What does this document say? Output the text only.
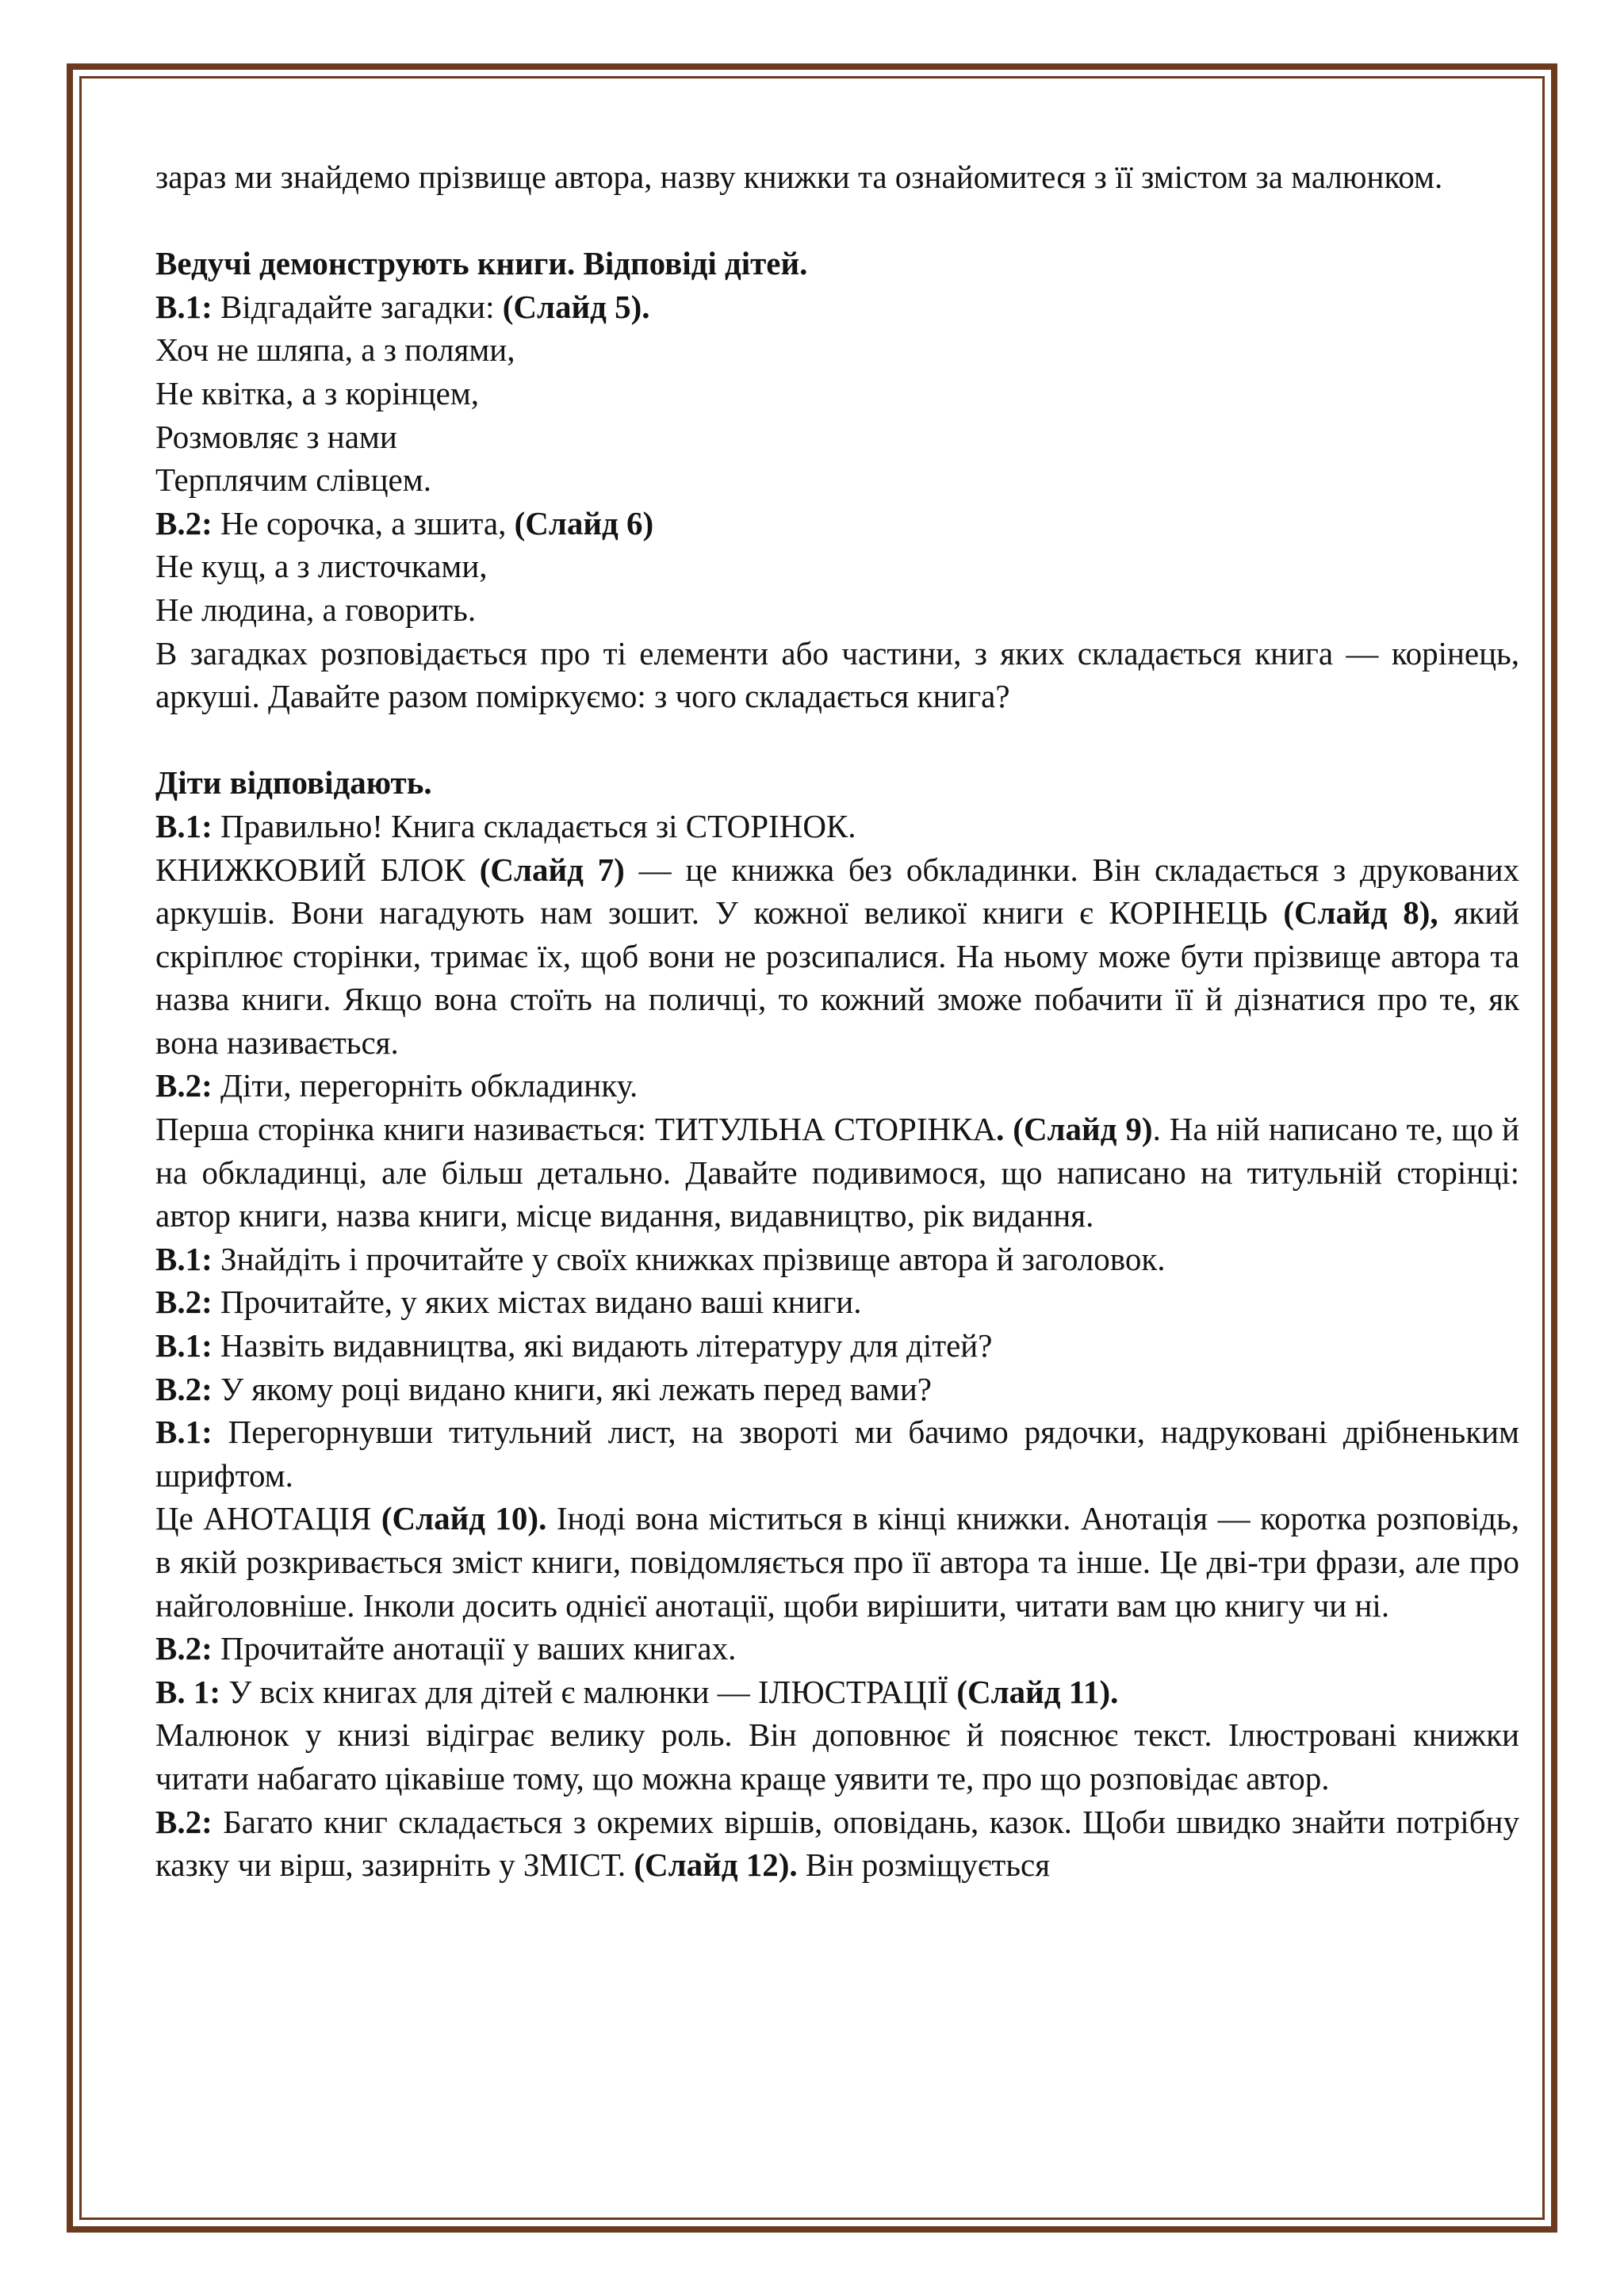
зараз ми знайдемо прізвище автора, назву книжки та ознайомитеся з її змістом за малюнком.

Ведучі демонструють книги. Відповіді дітей.

В.1: Відгадайте загадки: (Слайд 5).

Хоч не шляпа, а з полями,

Не квітка, а з корінцем,

Розмовляє з нами

Терплячим слівцем.

В.2: Не сорочка, а зшита, (Слайд 6)

Не кущ, а з листочками,

Не людина, а говорить.

В загадках розповідається про ті елементи або частини, з яких складається книга — корінець, аркуші. Давайте разом поміркуємо: з чого складається книга?

Діти відповідають.

В.1: Правильно! Книга складається зі СТОРІНОК.

КНИЖКОВИЙ БЛОК (Слайд 7) — це книжка без обкладинки. Він складається з друкованих аркушів. Вони нагадують нам зошит. У кожної великої книги є КОРІНЕЦЬ (Слайд 8), який скріплює сторінки, тримає їх, щоб вони не розсипалися. На ньому може бути прізвище автора та назва книги. Якщо вона стоїть на поличці, то кожний зможе побачити її й дізнатися про те, як вона називається.

В.2: Діти, перегорніть обкладинку.

Перша сторінка книги називається: ТИТУЛЬНА СТОРІНКА. (Слайд 9). На ній написано те, що й на обкладинці, але більш детально. Давайте подивимося, що написано на титульній сторінці: автор книги, назва книги, місце видання, видавництво, рік видання.

В.1: Знайдіть і прочитайте у своїх книжках прізвище автора й заголовок.

В.2: Прочитайте, у яких містах видано ваші книги.

В.1: Назвіть видавництва, які видають літературу для дітей?

В.2: У якому році видано книги, які лежать перед вами?

В.1: Перегорнувши титульний лист, на звороті ми бачимо рядочки, надруковані дрібненьким шрифтом.

Це АНОТАЦІЯ (Слайд 10). Іноді вона міститься в кінці книжки. Анотація — коротка розповідь, в якій розкривається зміст книги, повідомляється про її автора та інше. Це дві-три фрази, але про найголовніше. Інколи досить однієї анотації, щоби вирішити, читати вам цю книгу чи ні.

В.2: Прочитайте анотації у ваших книгах.

В. 1: У всіх книгах для дітей є малюнки — ІЛЮСТРАЦІЇ (Слайд 11).

Малюнок у книзі відіграє велику роль. Він доповнює й пояснює текст. Ілюстровані книжки читати набагато цікавіше тому, що можна краще уявити те, про що розповідає автор.

В.2: Багато книг складається з окремих віршів, оповідань, казок. Щоби швидко знайти потрібну казку чи вірш, зазирніть у ЗМІСТ. (Слайд 12). Він розміщується
